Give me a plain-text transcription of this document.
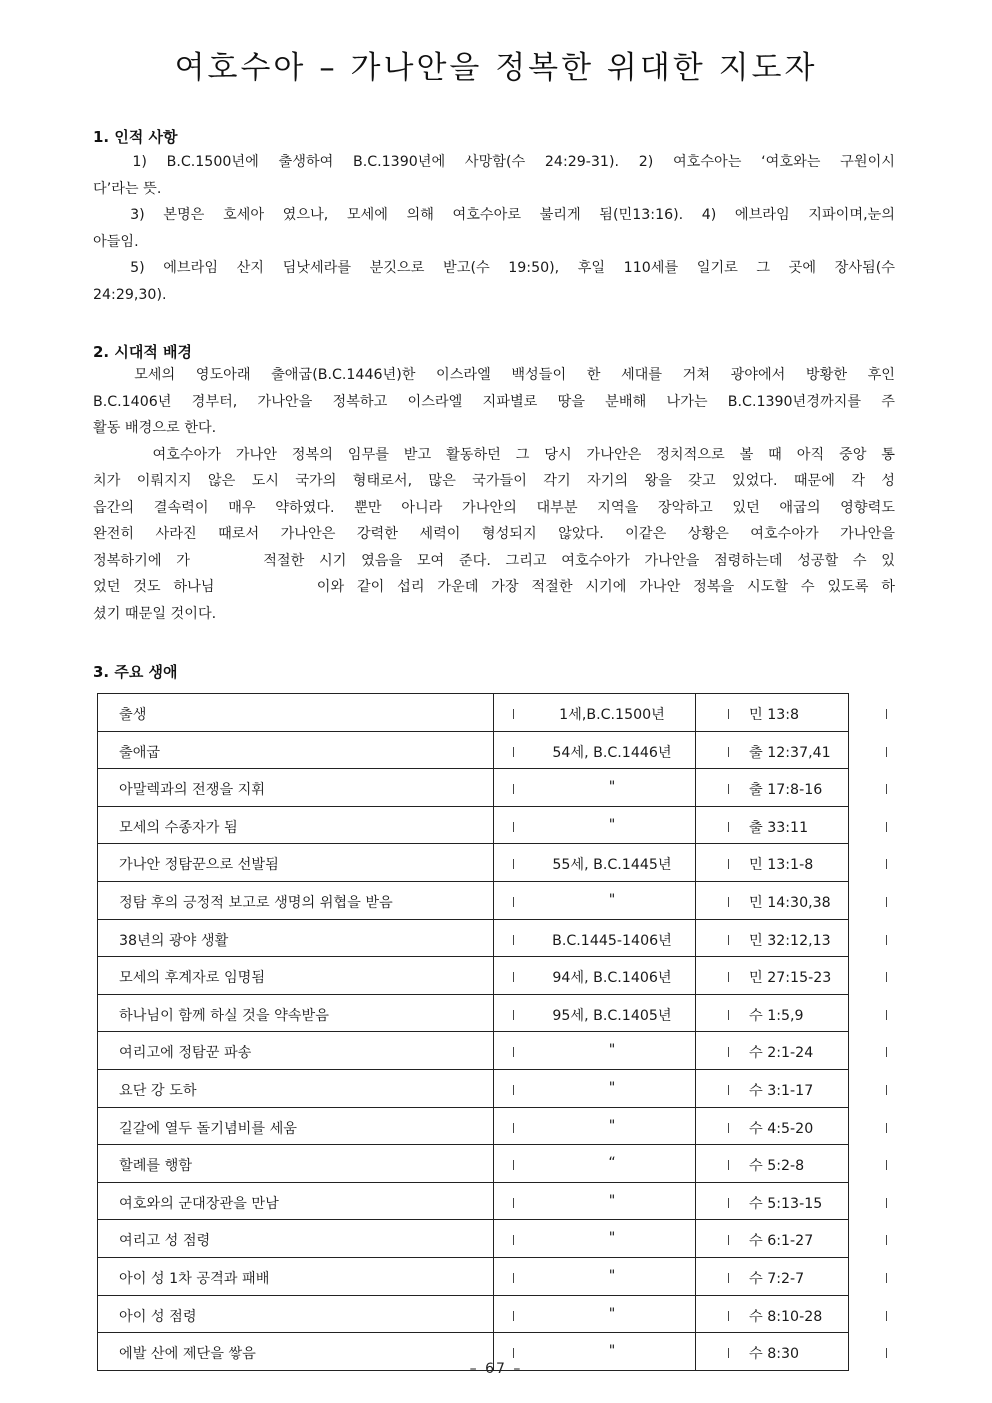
여호수아 – 가나안을 정복한 위대한 지도자
1. 인적 사항
1) B.C.1500년에 출생하여 B.C.1390년에 사망함(수 24:29-31). 2) 여호수아는 ‘여호와는 구원이시
다’라는 뜻.
3) 본명은 호세아 였으나, 모세에 의해 여호수아로 불리게 됨(민13:16). 4) 에브라임 지파이며,눈의
아들임.
5) 에브라임 산지 딤낫세라를 분깃으로 받고(수 19:50), 후일 110세를 일기로 그 곳에 장사됨(수
24:29,30).
2. 시대적 배경
모세의 영도아래 출애굽(B.C.1446년)한 이스라엘 백성들이 한 세대를 거쳐 광야에서 방황한 후인
B.C.1406년 경부터, 가나안을 정복하고 이스라엘 지파별로 땅을 분배해 나가는 B.C.1390년경까지를 주
활동 배경으로 한다.
여호수아가 가나안 정복의 임무를 받고 활동하던 그 당시 가나안은 정치적으로 볼 때 아직 중앙 통
치가 이뤄지지 않은 도시 국가의 형태로서, 많은 국가들이 각기 자기의 왕을 갖고 있었다. 때문에 각 성
읍간의 결속력이 매우 약하였다. 뿐만 아니라 가나안의 대부분 지역을 장악하고 있던 애굽의 영향력도
완전히 사라진 때로서 가나안은 강력한 세력이 형성되지 않았다. 이같은 상황은 여호수아가 가나안을
정복하기에 가     적절한 시기 였음을 모여 준다. 그리고 여호수아가 가나안을 점령하는데 성공할 수 있
었던 것도 하나님        이와 같이 섭리 가운데 가장 적절한 시기에 가나안 정복을 시도할 수 있도록 하
셨기 때문일 것이다.
3. 주요 생애
출생	1세,B.C.1500년	민 13:8
출애굽	54세, B.C.1446년	출 12:37,41
아말렉과의 전쟁을 지휘	"	출 17:8-16
모세의 수종자가 됨	"	출 33:11
가나안 정탐꾼으로 선발됨	55세, B.C.1445년	민 13:1-8
정탐 후의 긍정적 보고로 생명의 위협을 받음	"	민 14:30,38
38년의 광야 생활	B.C.1445-1406년	민 32:12,13
모세의 후계자로 임명됨	94세, B.C.1406년	민 27:15-23
하나님이 함께 하실 것을 약속받음	95세, B.C.1405년	수 1:5,9
여리고에 정탐꾼 파송	"	수 2:1-24
요단 강 도하	"	수 3:1-17
길갈에 열두 돌기념비를 세움	"	수 4:5-20
할례를 행함	“	수 5:2-8
여호와의 군대장관을 만남	"	수 5:13-15
여리고 성 점령	"	수 6:1-27
아이 성 1차 공격과 패배	"	수 7:2-7
아이 성 점령	"	수 8:10-28
에발 산에 제단을 쌓음	"	수 8:30
– 67 –
